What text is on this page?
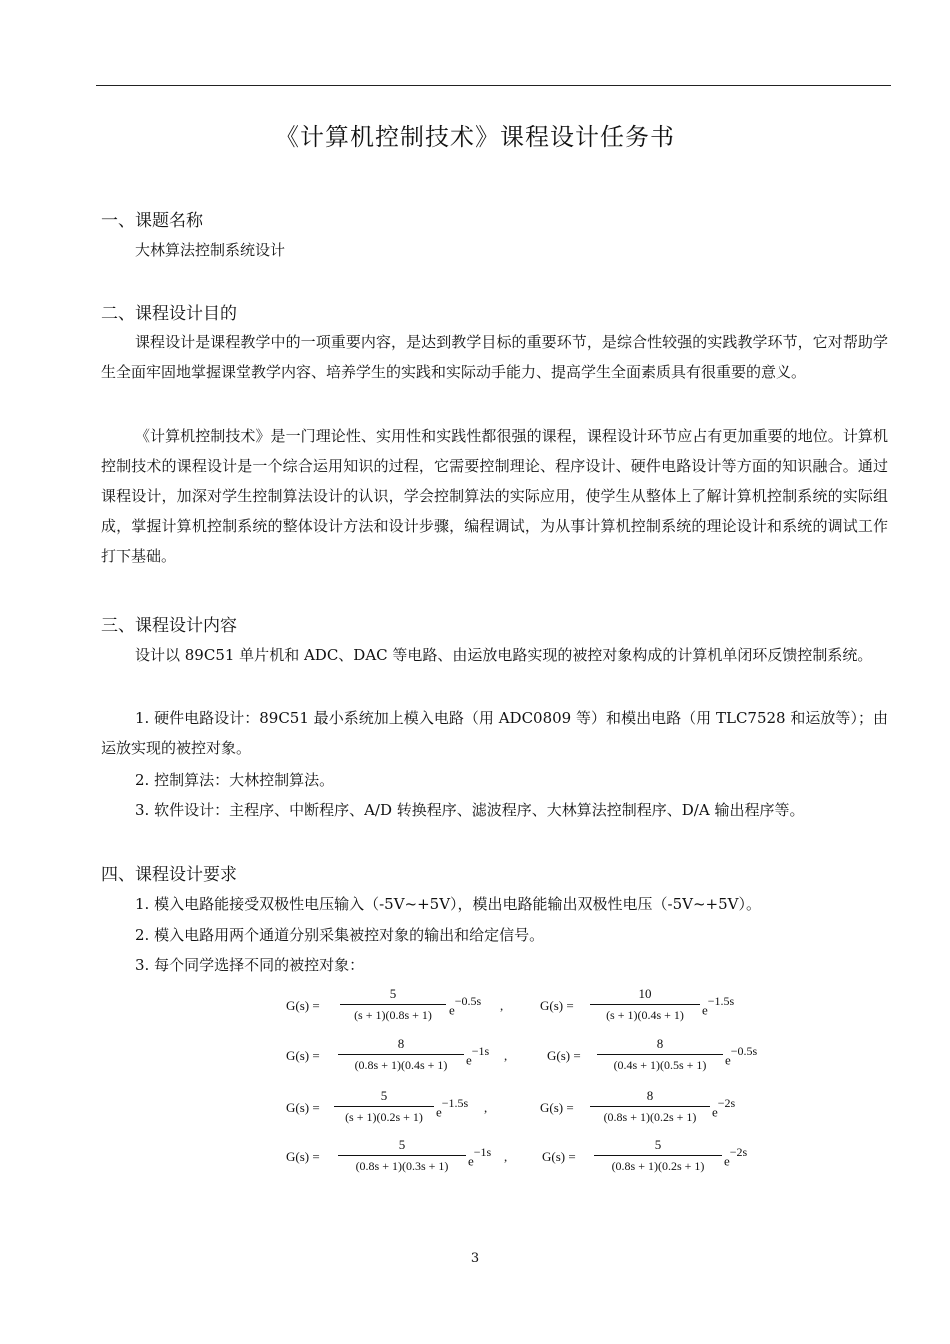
《计算机控制技术》课程设计任务书
一、课题名称
大林算法控制系统设计
二、课程设计目的
课程设计是课程教学中的一项重要内容，是达到教学目标的重要环节，是综合性较强的实践教学环节，它对帮助学生全面牢固地掌握课堂教学内容、培养学生的实践和实际动手能力、提高学生全面素质具有很重要的意义。
《计算机控制技术》是一门理论性、实用性和实践性都很强的课程，课程设计环节应占有更加重要的地位。计算机控制技术的课程设计是一个综合运用知识的过程，它需要控制理论、程序设计、硬件电路设计等方面的知识融合。通过课程设计，加深对学生控制算法设计的认识，学会控制算法的实际应用，使学生从整体上了解计算机控制系统的实际组成，掌握计算机控制系统的整体设计方法和设计步骤，编程调试，为从事计算机控制系统的理论设计和系统的调试工作打下基础。
三、课程设计内容
设计以 89C51 单片机和 ADC、DAC 等电路、由运放电路实现的被控对象构成的计算机单闭环反馈控制系统。
1. 硬件电路设计：89C51 最小系统加上模入电路（用 ADC0809 等）和模出电路（用 TLC7528 和运放等）；由运放实现的被控对象。
2. 控制算法：大林控制算法。
3. 软件设计：主程序、中断程序、A/D 转换程序、滤波程序、大林算法控制程序、D/A 输出程序等。
四、课程设计要求
1. 模入电路能接受双极性电压输入（-5V~+5V），模出电路能输出双极性电压（-5V~+5V）。
2. 模入电路用两个通道分别采集被控对象的输出和给定信号。
3. 每个同学选择不同的被控对象：
G(s) =
5
(s + 1)(0.8s + 1)	$e^{-0.5s}$ ,	G(s) =
10
(s + 1)(0.4s + 1)	$e^{-1.5s}$
G(s) =
8
(0.8s + 1)(0.4s + 1)	$e^{-1s}$ ,	G(s) =
8
(0.4s + 1)(0.5s + 1)	$e^{-0.5s}$
G(s) =
5
(s + 1)(0.2s + 1)	$e^{-1.5s}$ ,	G(s) =
8
(0.8s + 1)(0.2s + 1)	$e^{-2s}$
G(s) =
5
(0.8s + 1)(0.3s + 1)	$e^{-1s}$ ,	G(s) =
5
(0.8s + 1)(0.2s + 1)	$e^{-2s}$
3
